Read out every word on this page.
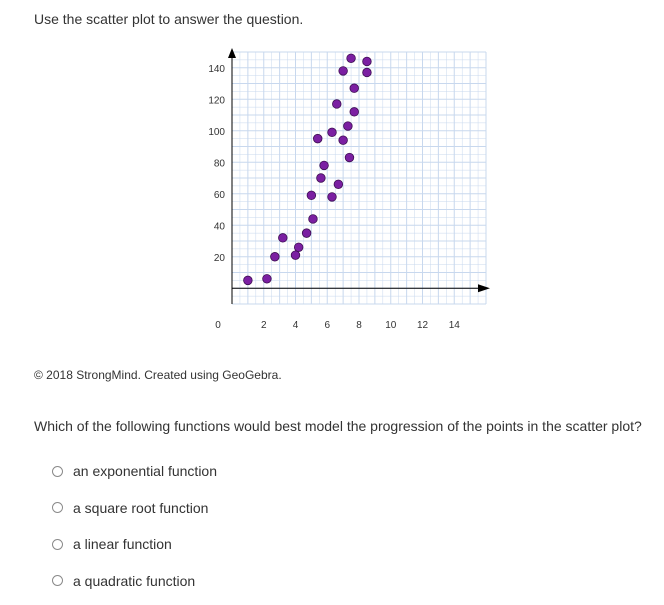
Use the scatter plot to answer the question.
20
40
60
80
100
120
140
0	2	4	6	8 10 12 14
© 2018 StrongMind. Created using GeoGebra.
Which of the following functions would best model the progression of the points in the scatter plot?
an exponential function
a square root function
a linear function
a quadratic function
